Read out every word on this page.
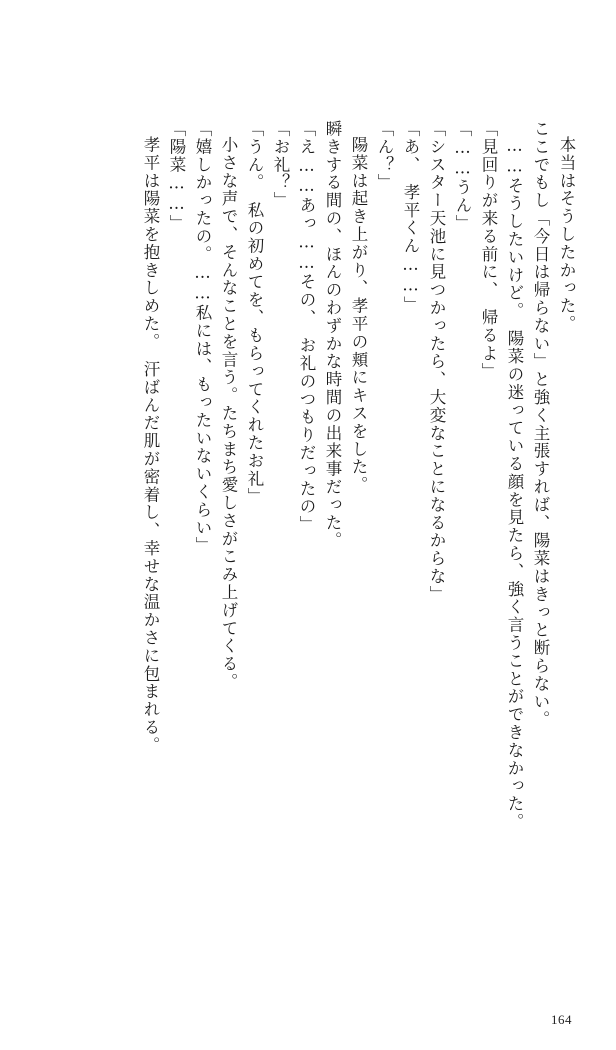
本当はそうしたかった。
ここでもし「今日は帰らない」と強く主張すれば、陽菜はきっと断らない。
……そうしたいけど。　陽菜の迷っている顔を見たら、強く言うことができなかった。
「見回りが来る前に、　帰るよ」
「……うん」
「シスター天池に見つかったら、大変なことになるからな」
「あ、　孝平くん……」
「ん？」
陽菜は起き上がり、孝平の頬にキスをした。
瞬きする間の、ほんのわずかな時間の出来事だった。
「え……あっ……その、　お礼のつもりだったの」
「お礼？」
「うん。　私の初めてを、もらってくれたお礼」
小さな声で、そんなことを言う。たちまち愛しさがこみ上げてくる。
「嬉しかったの。……私には、もったいないくらい」
「陽菜……」
孝平は陽菜を抱きしめた。　汗ばんだ肌が密着し、幸せな温かさに包まれる。
164
